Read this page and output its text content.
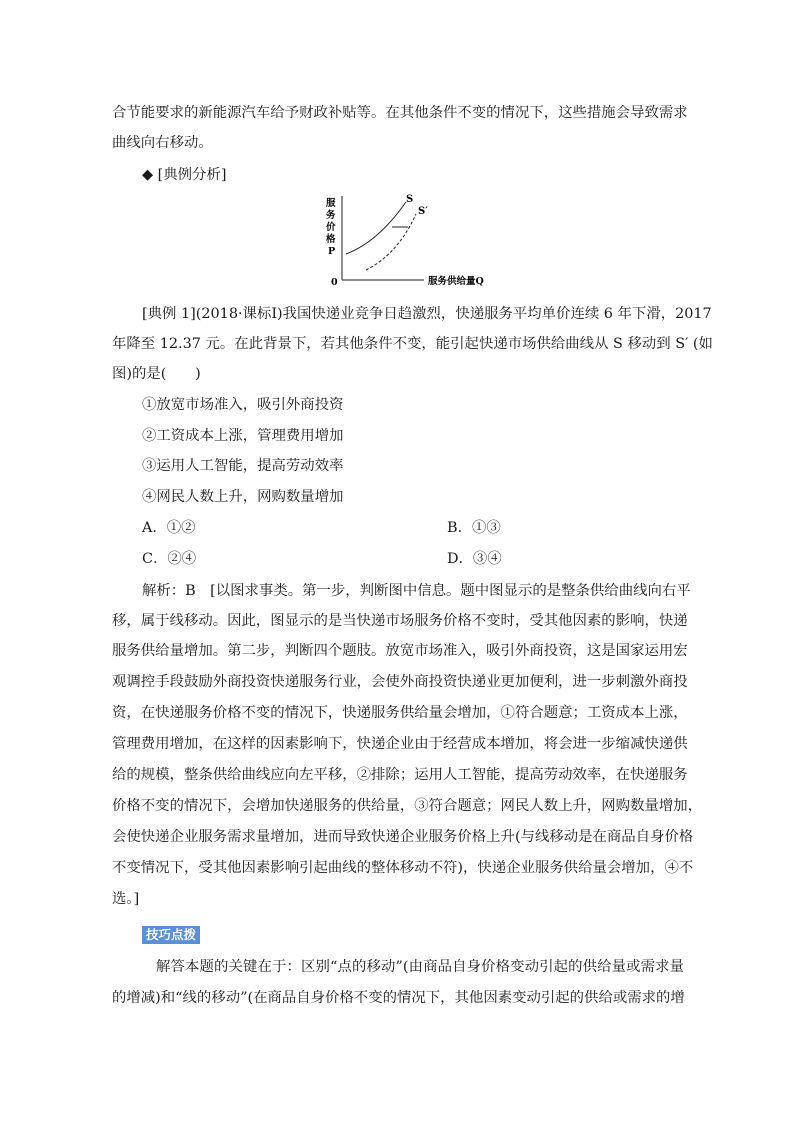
合节能要求的新能源汽车给予财政补贴等。在其他条件不变的情况下，这些措施会导致需求
曲线向右移动。
◆ [典例分析]
服
务
价
格
P
0	服务供给量Q
S
S′
[典例 1](2018·课标Ⅰ)我国快递业竞争日趋激烈，快递服务平均单价连续 6 年下滑，2017
年降至 12.37 元。在此背景下，若其他条件不变，能引起快递市场供给曲线从 S 移动到 S′ (如
图)的是(　　)
①放宽市场准入，吸引外商投资
②工资成本上涨，管理费用增加
③运用人工智能，提高劳动效率
④网民人数上升，网购数量增加
A．①②	B．①③
C．②④	D．③④
解析：B　[以图求事类。第一步，判断图中信息。题中图显示的是整条供给曲线向右平
移，属于线移动。因此，图显示的是当快递市场服务价格不变时，受其他因素的影响，快递
服务供给量增加。第二步，判断四个题肢。放宽市场准入，吸引外商投资，这是国家运用宏
观调控手段鼓励外商投资快递服务行业，会使外商投资快递业更加便利，进一步刺激外商投
资，在快递服务价格不变的情况下，快递服务供给量会增加，①符合题意；工资成本上涨，
管理费用增加，在这样的因素影响下，快递企业由于经营成本增加，将会进一步缩减快递供
给的规模，整条供给曲线应向左平移，②排除；运用人工智能，提高劳动效率，在快递服务
价格不变的情况下，会增加快递服务的供给量，③符合题意；网民人数上升，网购数量增加，
会使快递企业服务需求量增加，进而导致快递企业服务价格上升(与线移动是在商品自身价格
不变情况下，受其他因素影响引起曲线的整体移动不符)，快递企业服务供给量会增加，④不
选。]
技巧点拨
解答本题的关键在于：区别“点的移动”(由商品自身价格变动引起的供给量或需求量
的增减)和“线的移动”(在商品自身价格不变的情况下，其他因素变动引起的供给或需求的增
